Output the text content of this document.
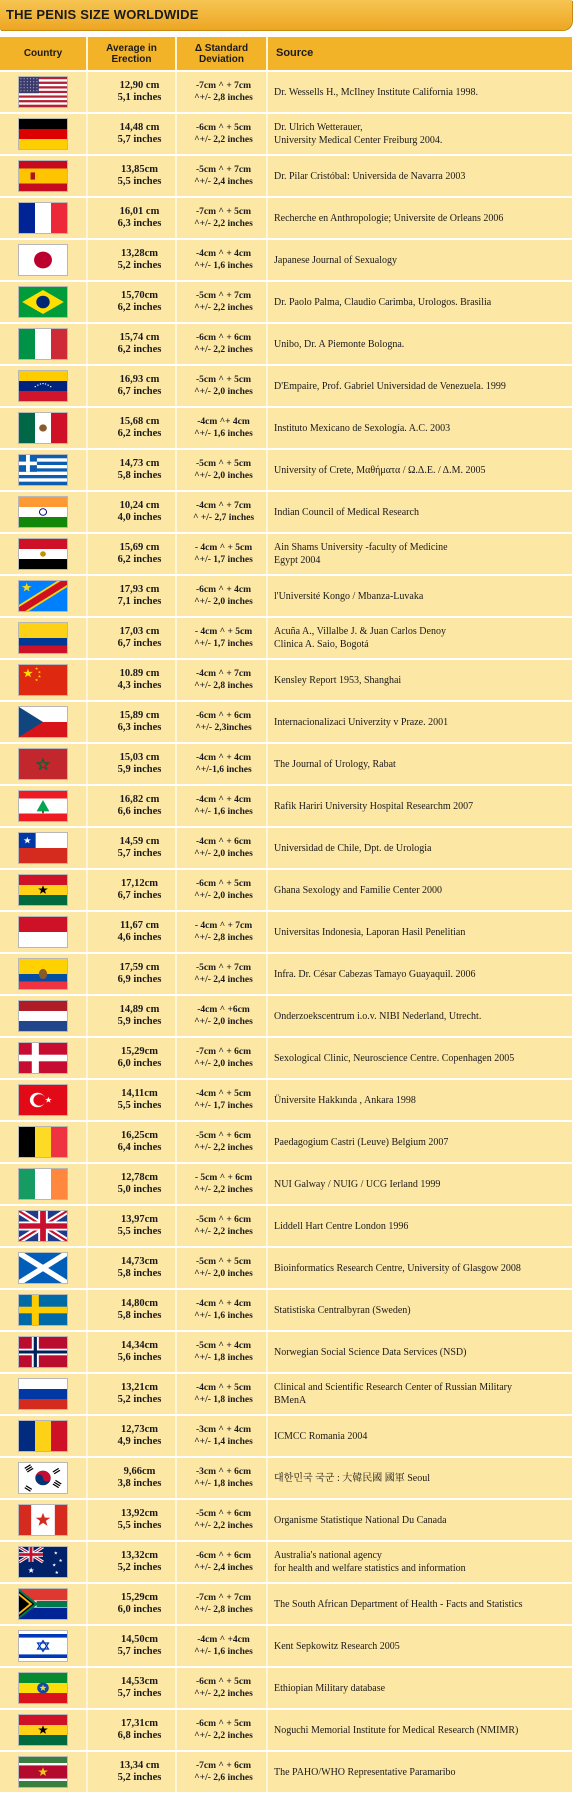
THE PENIS SIZE WORLDWIDE
Country	Average in
Erection
Δ Standard
Deviation	Source
12,90 cm
5,1 inches
-7cm ^ + 7cm
^+/- 2,8 inches
Dr. Wessells H., McIlney Institute California 1998.
14,48 cm
5,7 inches
-6cm ^ + 5cm
^+/- 2,2 inches
Dr. Ulrich Wetterauer,
University Medical Center Freiburg 2004.
13,85cm
5,5 inches
-5cm ^ + 7cm
^+/- 2,4 inches
Dr. Pilar Cristóbal: Universida de Navarra 2003
16,01 cm
6,3 inches
-7cm ^ + 5cm
^+/- 2,2 inches
Recherche en Anthropologie; Universite de Orleans 2006
13,28cm
5,2 inches
-4cm ^ + 4cm
^+/- 1,6 inches
Japanese Journal of Sexualogy
15,70cm
6,2 inches
-5cm ^ + 7cm
^+/- 2,2 inches
Dr. Paolo Palma, Claudio Carimba, Urologos. Brasilia
15,74 cm
6,2 inches
-6cm ^ + 6cm
^+/- 2,2 inches
Unibo, Dr. A Piemonte Bologna.
16,93 cm
6,7 inches
-5cm ^ + 5cm
^+/- 2,0 inches
D'Empaire, Prof. Gabriel Universidad de Venezuela. 1999
15,68 cm
6,2 inches
-4cm ^+ 4cm
^+/- 1,6 inches
Instituto Mexicano de Sexología. A.C. 2003
14,73 cm
5,8 inches
-5cm ^ + 5cm
^+/- 2,0 inches
University of Crete, Μαθήματα / Ω.Δ.Ε. / Δ.Μ. 2005
10,24 cm
4,0 inches
-4cm ^ + 7cm
^ +/- 2,7 inches
Indian Council of Medical Research
15,69 cm
6,2 inches
- 4cm ^ + 5cm
^+/- 1,7 inches
Ain Shams University -faculty of Medicine
Egypt 2004
17,93 cm
7,1 inches
-6cm ^ + 4cm
^+/- 2,0 inches
l'Université Kongo / Mbanza-Luvaka
17,03 cm
6,7 inches
- 4cm ^ + 5cm
^+/- 1,7 inches
Acuña A., Villalbe J. & Juan Carlos Denoy
Clinica A. Saio, Bogotá
10.89 cm
4,3 inches
-4cm ^ + 7cm
^+/- 2,8 inches
Kensley Report 1953, Shanghai
15,89 cm
6,3 inches
-6cm ^ + 6cm
^+/- 2,3inches
Internacionalizaci Univerzity v Praze. 2001
15,03 cm
5,9 inches
-4cm ^ + 4cm
^+/-1,6 inches
The Journal of Urology, Rabat
16,82 cm
6,6 inches
-4cm ^ + 4cm
^+/- 1,6 inches
Rafik Hariri University Hospital Researchm 2007
14,59 cm
5,7 inches
-4cm ^ + 6cm
^+/- 2,0 inches
Universidad de Chile, Dpt. de Urologia
17,12cm
6,7 inches
-6cm ^ + 5cm
^+/- 2,0 inches
Ghana Sexology and Familie Center 2000
11,67 cm
4,6 inches
- 4cm ^ + 7cm
^+/- 2,8 inches
Universitas Indonesia, Laporan Hasil Penelitian
17,59 cm
6,9 inches
-5cm ^ + 7cm
^+/- 2,4 inches
Infra. Dr. César Cabezas Tamayo Guayaquil. 2006
14,89 cm
5,9 inches
-4cm ^ +6cm
^+/- 2,0 inches
Onderzoekscentrum i.o.v. NIBI Nederland, Utrecht.
15,29cm
6,0 inches
-7cm ^ + 6cm
^+/- 2,0 inches
Sexological Clinic, Neuroscience Centre. Copenhagen 2005
14,11cm
5,5 inches
-4cm ^ + 5cm
^+/- 1,7 inches
Üniversite Hakkında , Ankara 1998
16,25cm
6,4 inches
-5cm ^ + 6cm
^+/- 2,2 inches
Paedagogium Castri (Leuve) Belgium 2007
12,78cm
5,0 inches
- 5cm ^ + 6cm
^+/- 2,2 inches
NUI Galway / NUIG / UCG Ierland 1999
13,97cm
5,5 inches
-5cm ^ + 6cm
^+/- 2,2 inches
Liddell Hart Centre London 1996
14,73cm
5,8 inches
-5cm ^ + 5cm
^+/- 2,0 inches
Bioinformatics Research Centre, University of Glasgow 2008
14,80cm
5,8 inches
-4cm ^ + 4cm
^+/- 1,6 inches
Statistiska Centralbyran (Sweden)
14,34cm
5,6 inches
-5cm ^ + 4cm
^+/- 1,8 inches
Norwegian Social Science Data Services (NSD)
13,21cm
5,2 inches
-4cm ^ + 5cm
^+/- 1,8 inches
Clinical and Scientific Research Center of Russian Military
BMenA
12,73cm
4,9 inches
-3cm ^ + 4cm
^+/- 1,4 inches
ICMCC Romania 2004
9,66cm
3,8 inches
-3cm ^ + 6cm
^+/- 1,8 inches
대한민국 국군 : 大韓民國 國軍 Seoul
13,92cm
5,5 inches
-5cm ^ + 6cm
^+/- 2,2 inches
Organisme Statistique National Du Canada
13,32cm
5,2 inches
-6cm ^ + 6cm
^+/- 2,4 inches
Australia's national agency
for health and welfare statistics and information
15,29cm
6,0 inches
-7cm ^ + 7cm
^+/- 2,8 inches
The South African Department of Health - Facts and Statistics
14,50cm
5,7 inches
-4cm ^ +4cm
^+/- 1,6 inches
Kent Sepkowitz Research 2005
14,53cm
5,7 inches
-6cm ^ + 5cm
^+/- 2,2 inches
Ethiopian Military database
17,31cm
6,8 inches
-6cm ^ + 5cm
^+/- 2,2 inches
Noguchi Memorial Institute for Medical Research (NMIMR)
13,34 cm
5,2 inches
-7cm ^ + 6cm
^+/- 2,6 inches
The PAHO/WHO Representative Paramaribo
